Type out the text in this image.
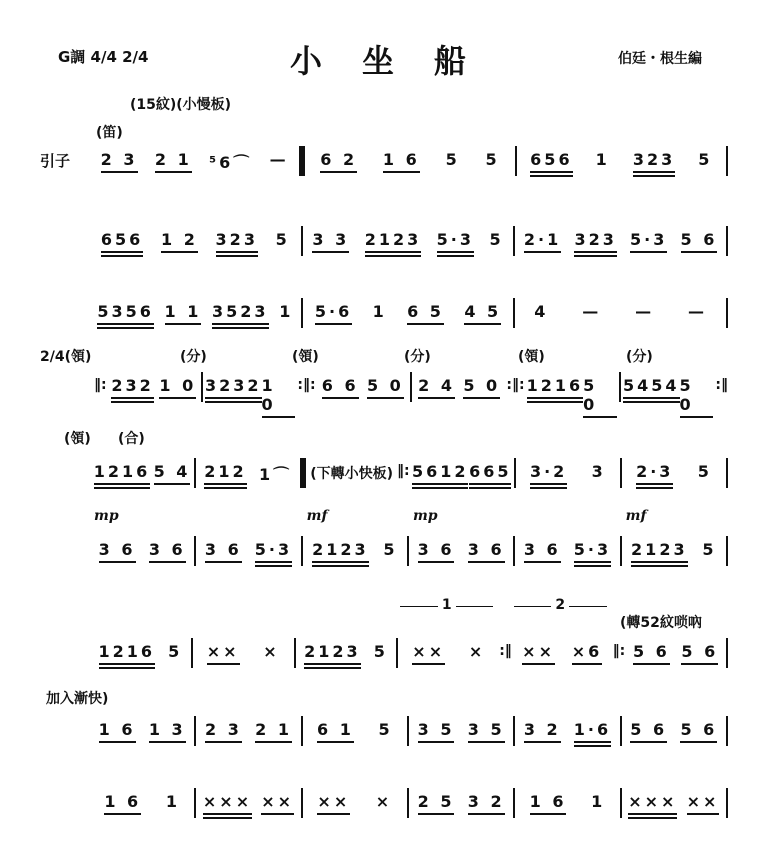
G調 4/4 2/4	小坐船	伯廷・根生編
(15紋)(小慢板)
(笛)
2/4(領)	(分)	(領)	(分)	(領)	(分)
(領) (合)
(轉52紋唢吶
加入漸快)
引子	2 3 2 1 ⁵6⌒ — 6 2 1 6 5 5 656 1 323 5
656 1 2 323 5 3 3 2123 5·3 5 2·1 323 5·3 5 6
5356 1 1 3523 1 5·6 1 6 5 4 5 4 — — —
‖: 232 1 0 3232 1 0
:‖: 6 6 5 0 2 4 5 0 :‖: 1216 5 0
5454 5 0
:‖
1216 5 4 212 1⌒ (下轉小快板) ‖: 5612 665 3·2 3 2·3 5
mp
3 6 3 6 3 6 5·3
mf
2123 5
mp
3 6 3 6 3 6 5·3
mf
2123 5
1216 5 ×× × 2123 5
1
×× × :‖
2
×× ×6 ‖: 5 6 5 6
1 6 1 3 2 3 2 1 6 1 5 3 5 3 5 3 2 1·6 5 6 5 6
1 6 1 ××× ×× ×× × 2 5 3 2 1 6 1 ××× ××
